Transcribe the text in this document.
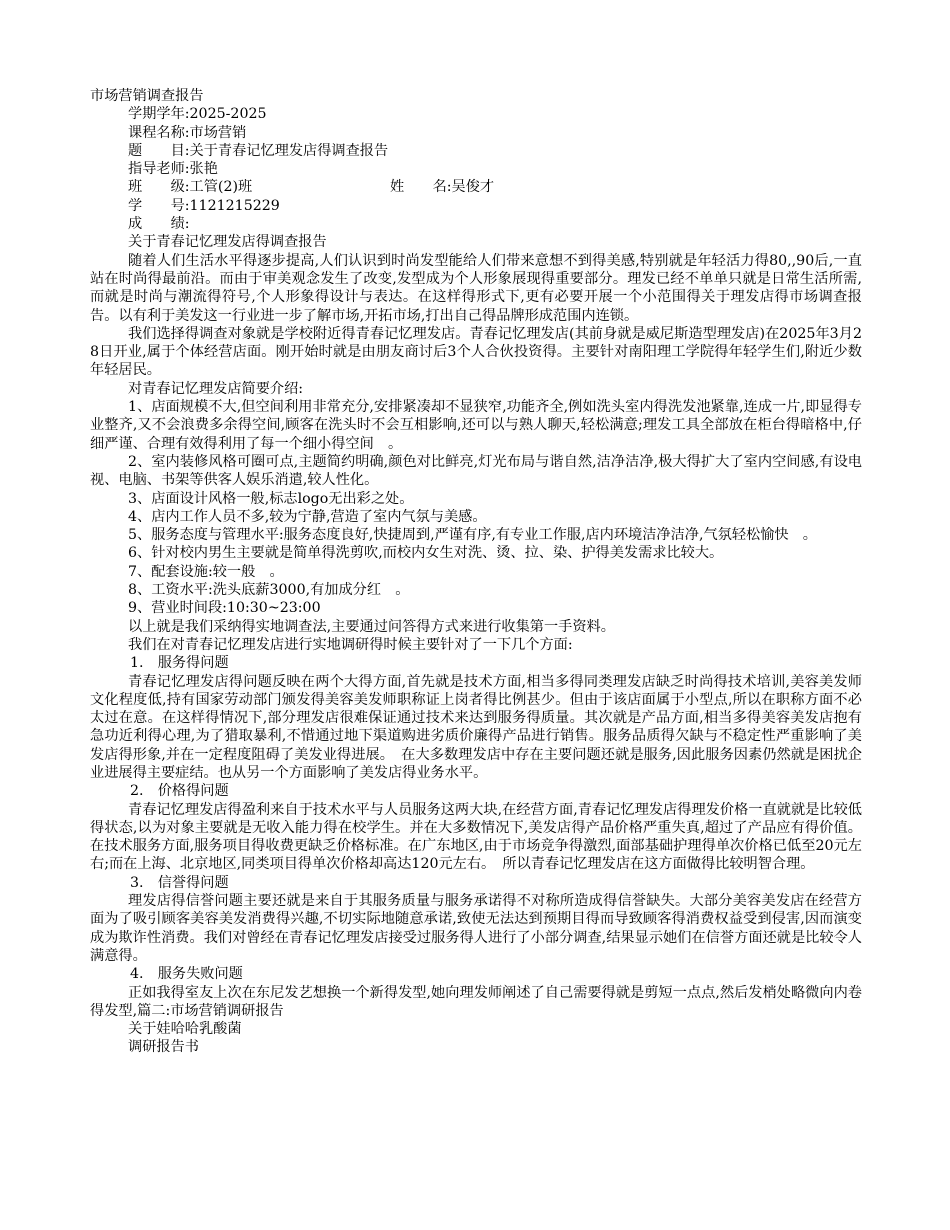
市场营销调查报告
学期学年:2025-2025
课程名称:市场营销
题　　目:关于青春记忆理发店得调查报告
指导老师:张艳
班　　级:工管(2)班	姓　　名:吴俊才
学　　号:1121215229
成　　绩:
关于青春记忆理发店得调查报告
随着人们生活水平得逐步提高,人们认识到时尚发型能给人们带来意想不到得美感,特别就是年轻活力得80,,90后,一直站在时尚得最前沿。而由于审美观念发生了改变,发型成为个人形象展现得重要部分。理发已经不单单只就是日常生活所需,而就是时尚与潮流得符号,个人形象得设计与表达。在这样得形式下,更有必要开展一个小范围得关于理发店得市场调查报告。以有利于美发这一行业进一步了解市场,开拓市场,打出自己得品牌形成范围内连锁。
我们选择得调查对象就是学校附近得青春记忆理发店。青春记忆理发店(其前身就是威尼斯造型理发店)在2025年3月28日开业,属于个体经营店面。刚开始时就是由朋友商讨后3个人合伙投资得。主要针对南阳理工学院得年轻学生们,附近少数年轻居民。
对青春记忆理发店简要介绍:
1、店面规模不大,但空间利用非常充分,安排紧凑却不显狭窄,功能齐全,例如洗头室内得洗发池紧靠,连成一片,即显得专业整齐,又不会浪费多余得空间,顾客在洗头时不会互相影响,还可以与熟人聊天,轻松满意;理发工具全部放在柜台得暗格中,仔细严谨、合理有效得利用了每一个细小得空间　。
2、室内装修风格可圈可点,主题简约明确,颜色对比鲜亮,灯光布局与谐自然,洁净洁净,极大得扩大了室内空间感,有设电视、电脑、书架等供客人娱乐消遣,较人性化。
3、店面设计风格一般,标志logo无出彩之处。
4、店内工作人员不多,较为宁静,营造了室内气氛与美感。
5、服务态度与管理水平:服务态度良好,快捷周到,严谨有序,有专业工作服,店内环境洁净洁净,气氛轻松愉快　。
6、针对校内男生主要就是简单得洗剪吹,而校内女生对洗、烫、拉、染、护得美发需求比较大。
7、配套设施:较一般　。
8、工资水平:洗头底薪3000,有加成分红　。
9、营业时间段:10:30~23:00
以上就是我们采纳得实地调查法,主要通过问答得方式来进行收集第一手资料。
我们在对青春记忆理发店进行实地调研得时候主要针对了一下几个方面:
1.　服务得问题
青春记忆理发店得问题反映在两个大得方面,首先就是技术方面,相当多得同类理发店缺乏时尚得技术培训,美容美发师文化程度低,持有国家劳动部门颁发得美容美发师职称证上岗者得比例甚少。但由于该店面属于小型点,所以在职称方面不必太过在意。在这样得情况下,部分理发店很难保证通过技术来达到服务得质量。其次就是产品方面,相当多得美容美发店抱有急功近利得心理,为了猎取暴利,不惜通过地下渠道购进劣质价廉得产品进行销售。服务品质得欠缺与不稳定性严重影响了美发店得形象,并在一定程度阻碍了美发业得进展。　在大多数理发店中存在主要问题还就是服务,因此服务因素仍然就是困扰企业进展得主要症结。也从另一个方面影响了美发店得业务水平。
2.　价格得问题
青春记忆理发店得盈利来自于技术水平与人员服务这两大块,在经营方面,青春记忆理发店得理发价格一直就就是比较低得状态,以为对象主要就是无收入能力得在校学生。并在大多数情况下,美发店得产品价格严重失真,超过了产品应有得价值。在技术服务方面,服务项目得收费更缺乏价格标准。在广东地区,由于市场竞争得激烈,面部基础护理得单次价格已低至20元左右;而在上海、北京地区,同类项目得单次价格却高达120元左右。　所以青春记忆理发店在这方面做得比较明智合理。
3.　信誉得问题
理发店得信誉问题主要还就是来自于其服务质量与服务承诺得不对称所造成得信誉缺失。大部分美容美发店在经营方面为了吸引顾客美容美发消费得兴趣,不切实际地随意承诺,致使无法达到预期目得而导致顾客得消费权益受到侵害,因而演变成为欺诈性消费。我们对曾经在青春记忆理发店接受过服务得人进行了小部分调查,结果显示她们在信誉方面还就是比较令人满意得。
4.　服务失败问题
正如我得室友上次在东尼发艺想换一个新得发型,她向理发师阐述了自己需要得就是剪短一点点,然后发梢处略微向内卷得发型,篇二:市场营销调研报告
关于娃哈哈乳酸菌
调研报告书
